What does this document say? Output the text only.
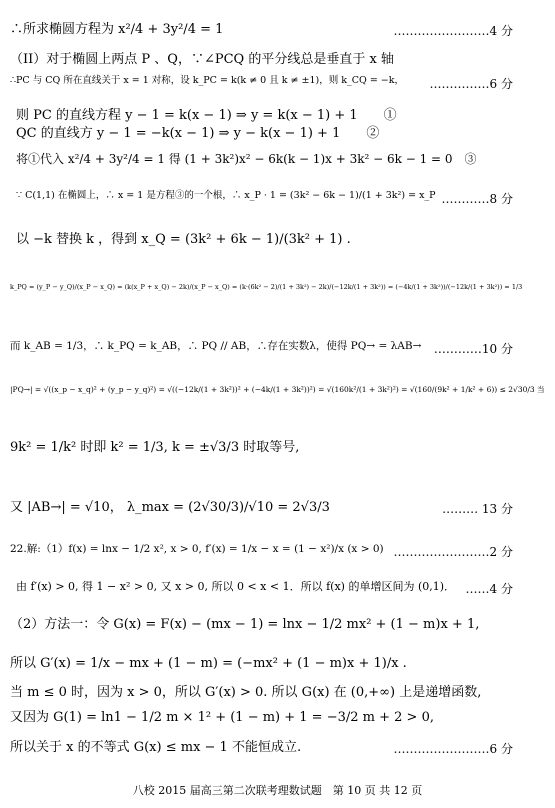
∴所求椭圆方程为 x²/4 + 3y²/4 = 1	……………………4 分
（II）对于椭圆上两点 P 、Q，∵∠PCQ 的平分线总是垂直于 x 轴
∴PC 与 CQ 所在直线关于 x = 1 对称，设 k_PC = k(k ≠ 0 且 k ≠ ±1)，则 k_CQ = −k， ……………6 分
则 PC 的直线方程 y − 1 = k(x − 1) ⇒ y = k(x − 1) + 1　　①
QC 的直线方 y − 1 = −k(x − 1) ⇒ y − k(x − 1) + 1　　②
将①代入 x²/4 + 3y²/4 = 1 得 (1 + 3k²)x² − 6k(k − 1)x + 3k² − 6k − 1 = 0　③
∵ C(1,1) 在椭圆上，∴ x = 1 是方程③的一个根，∴ x_P · 1 = (3k² − 6k − 1)/(1 + 3k²) = x_P …………8 分
以 −k 替换 k ，得到 x_Q = (3k² + 6k − 1)/(3k² + 1) .
k_PQ = (y_P − y_Q)/(x_P − x_Q) = (k(x_P + x_Q) − 2k)/(x_P − x_Q) = (k·(6k² − 2)/(1 + 3k²) − 2k)/(−12k/(1 + 3k²)) = (−4k/(1 + 3k²))/(−12k/(1 + 3k²)) = 1/3
而 k_AB = 1/3，∴ k_PQ = k_AB，∴ PQ // AB，∴存在实数λ，使得 PQ→ = λAB→ …………10 分
|PQ→| = √((x_p − x_q)² + (y_p − y_q)²) = √((−12k/(1 + 3k²))² + (−4k/(1 + 3k²))²) = √(160k²/(1 + 3k²)²) = √(160/(9k² + 1/k² + 6)) ≤ 2√30/3 当
9k² = 1/k² 时即 k² = 1/3, k = ±√3/3 时取等号,
又 |AB→| = √10， λ_max = (2√30/3)/√10 = 2√3/3	……… 13 分
22.解:（1）f(x) = lnx − 1/2 x², x > 0, f′(x) = 1/x − x = (1 − x²)/x (x > 0) ……………………2 分
由 f′(x) > 0, 得 1 − x² > 0, 又 x > 0, 所以 0 < x < 1．所以 f(x) 的单增区间为 (0,1)． ……4 分
（2）方法一：令 G(x) = F(x) − (mx − 1) = lnx − 1/2 mx² + (1 − m)x + 1,
所以 G′(x) = 1/x − mx + (1 − m) = (−mx² + (1 − m)x + 1)/x .
当 m ≤ 0 时，因为 x > 0，所以 G′(x) > 0. 所以 G(x) 在 (0,+∞) 上是递增函数,
又因为 G(1) = ln1 − 1/2 m × 1² + (1 − m) + 1 = −3/2 m + 2 > 0,
所以关于 x 的不等式 G(x) ≤ mx − 1 不能恒成立.	……………………6 分
八校 2015 届高三第二次联考理数试题　第 10 页 共 12 页
